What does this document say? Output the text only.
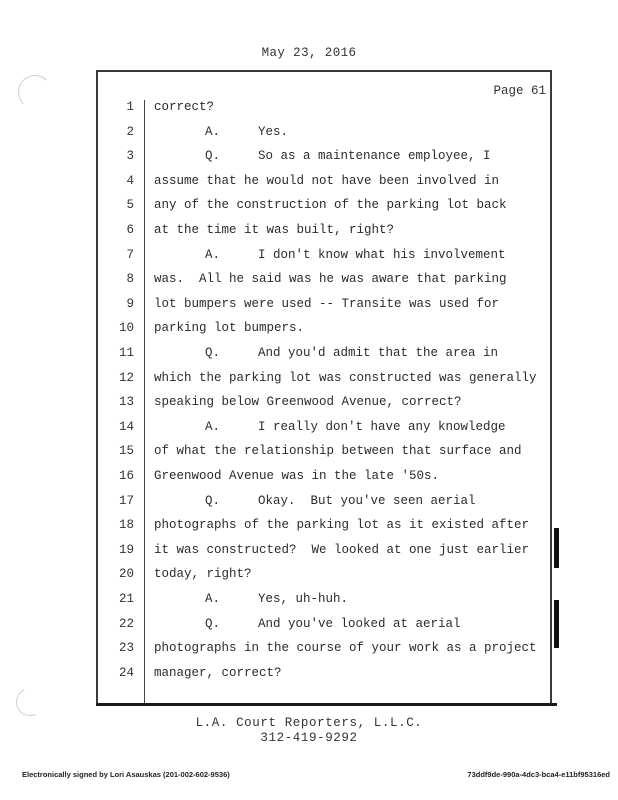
May 23, 2016
Page 61
1 correct?
2	A.	Yes.
3	Q.	So as a maintenance employee, I
4 assume that he would not have been involved in
5 any of the construction of the parking lot back
6 at the time it was built, right?
7	A.	I don't know what his involvement
8 was.  All he said was he was aware that parking
9 lot bumpers were used -- Transite was used for
10 parking lot bumpers.
11	Q.	And you'd admit that the area in
12 which the parking lot was constructed was generally
13 speaking below Greenwood Avenue, correct?
14	A.	I really don't have any knowledge
15 of what the relationship between that surface and
16 Greenwood Avenue was in the late '50s.
17	Q.	Okay.  But you've seen aerial
18 photographs of the parking lot as it existed after
19 it was constructed?  We looked at one just earlier
20 today, right?
21	A.	Yes, uh-huh.
22	Q.	And you've looked at aerial
23 photographs in the course of your work as a project
24 manager, correct?
L.A. Court Reporters, L.L.C.
312-419-9292
Electronically signed by Lori Asauskas (201-002-602-9536)	73ddf9de-990a-4dc3-bca4-e11bf95316ed
